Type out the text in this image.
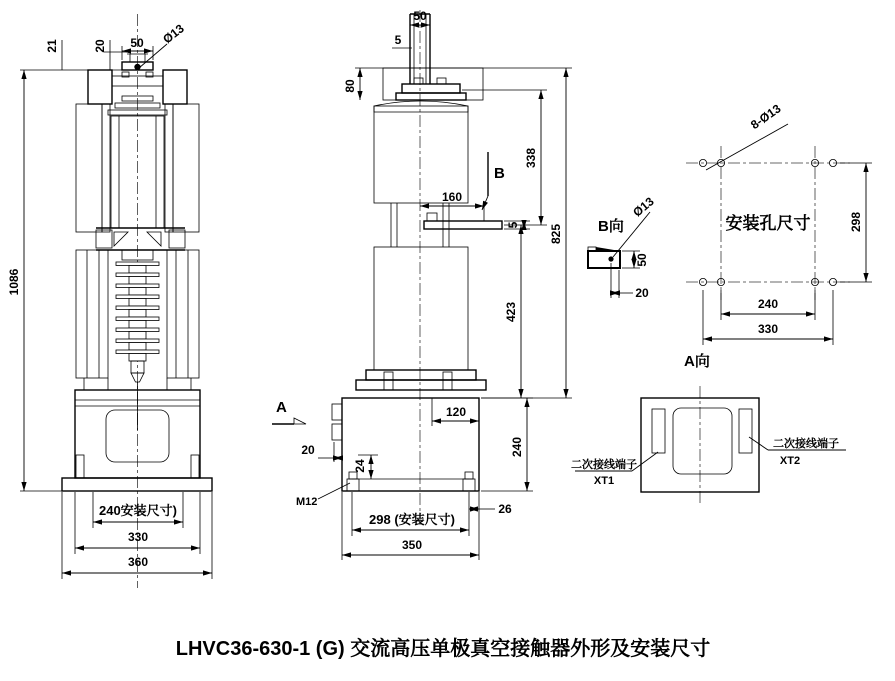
21	20 50 Ø13
1086
240安装尺寸)
330
360
50
5
80
160
5
B
A
20
24
M12
120
240
26
298 (安装尺寸)
350
338
423
825
8-Ø13
安装孔尺寸	298
240
330
B向
Ø13
50
20
A向
二次接线端子
XT1
二次接线端子
XT2
LHVC36-630-1 (G) 交流高压单极真空接触器外形及安装尺寸
